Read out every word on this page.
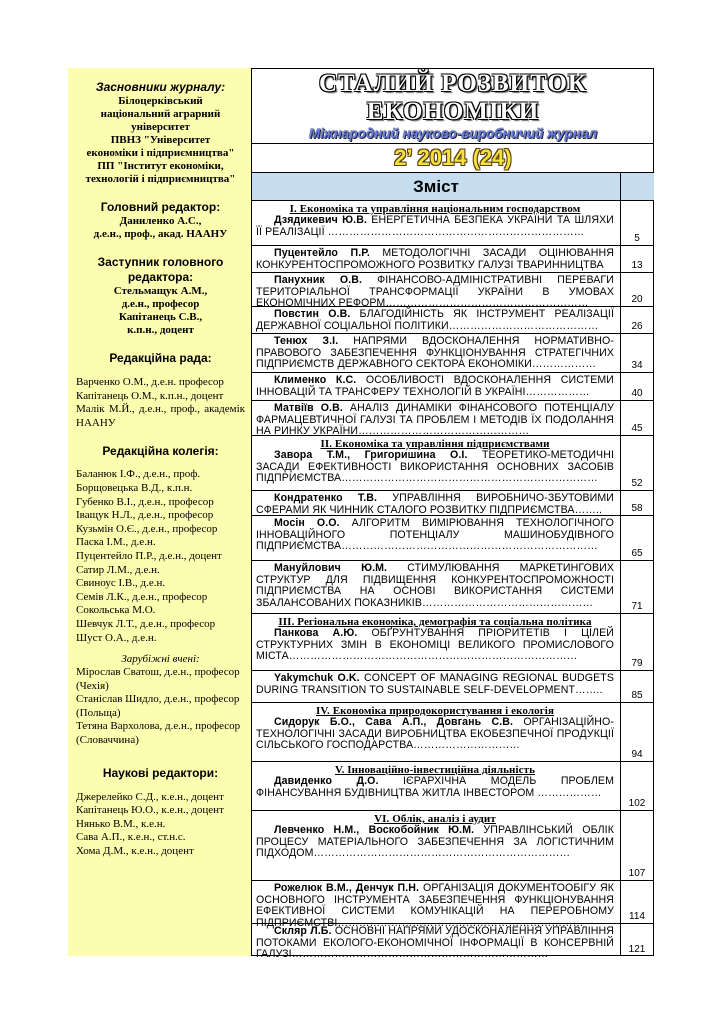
Засновники журналу:
Білоцерківський
національний аграрний
університет
ПВНЗ "Університет
економіки і підприємництва"
ПП "Інститут економіки,
технологій і підприємництва"
Головний редактор:
Даниленко А.С.,
д.е.н., проф., акад. НААНУ
Заступник головного редактора:
Стельмащук А.М.,
д.е.н., професор
Капітанець С.В.,
к.п.н., доцент
Редакційна рада:
Варченко О.М., д.е.н. професор
Капітанець О.М., к.п.н., доцент
Малік М.Й., д.е.н., проф., академік НААНУ
Редакційна колегія:
Баланюк І.Ф., д.е.н., проф.
Борщовецька В.Д., к.п.н.
Губенко В.І., д.е.н., професор
Іващук Н.Л., д.е.н., професор
Кузьмін О.Є., д.е.н., професор
Паска І.М., д.е.н.
Пуцентейло П.Р., д.е.н., доцент
Сатир Л.М., д.е.н.
Свиноус І.В., д.е.н.
Семів Л.К., д.е.н., професор
Сокольська М.О.
Шевчук Л.Т., д.е.н., професор
Шуст О.А., д.е.н.
Зарубіжні вчені:
Мірослав Сватош, д.е.н., професор (Чехія)
Станіслав Шидло, д.е.н., професор (Польща)
Тетяна Вархолова, д.е.н., професор (Словаччина)
Наукові редактори:
Джерелейко С.Д., к.е.н., доцент
Капітанець Ю.О., к.е.н., доцент
Нянько В.М., к.е.н.
Сава А.П., к.е.н., ст.н.с.
Хома Д.М., к.е.н., доцент
СТАЛИЙ РОЗВИТОК
ЕКОНОМІКИ
Міжнародний науково-виробничий журнал
2’ 2014 (24)
Зміст
І. Економіка та управління національним господарством
Дзядикевич Ю.В. ЕНЕРГЕТИЧНА БЕЗПЕКА УКРАЇНИ ТА ШЛЯХИ ЇЇ РЕАЛІЗАЦІЇ ………………………………………………………………
5
Пуцентейло П.Р. МЕТОДОЛОГІЧНІ ЗАСАДИ ОЦІНЮВАННЯ КОНКУРЕНТОСПРОМОЖНОГО РОЗВИТКУ ГАЛУЗІ ТВАРИННИЦТВА	13
Панухник О.В. ФІНАНСОВО-АДМІНІСТРАТИВНІ ПЕРЕВАГИ ТЕРИТОРІАЛЬНОЇ ТРАНСФОРМАЦІЇ УКРАЇНИ В УМОВАХ ЕКОНОМІЧНИХ РЕФОРМ…………………………………………………	20
Повстин О.В. БЛАГОДІЙНІСТЬ ЯК ІНСТРУМЕНТ РЕАЛІЗАЦІЇ ДЕРЖАВНОЇ СОЦІАЛЬНОЇ ПОЛІТИКИ……………………………………	26
Тенюх З.І. НАПРЯМИ ВДОСКОНАЛЕННЯ НОРМАТИВНО-ПРАВОВОГО ЗАБЕЗПЕЧЕННЯ ФУНКЦІОНУВАННЯ СТРАТЕГІЧНИХ ПІДПРИЄМСТВ ДЕРЖАВНОГО СЕКТОРА ЕКОНОМІКИ………………	34
Клименко К.С. ОСОБЛИВОСТІ ВДОСКОНАЛЕННЯ СИСТЕМИ ІННОВАЦІЙ ТА ТРАНСФЕРУ ТЕХНОЛОГІЙ В УКРАЇНІ………………	40
Матвіїв О.В. АНАЛІЗ ДИНАМІКИ ФІНАНСОВОГО ПОТЕНЦІАЛУ ФАРМАЦЕВТИЧНОЇ ГАЛУЗІ ТА ПРОБЛЕМ І МЕТОДІВ ЇХ ПОДОЛАННЯ НА РИНКУ УКРАЇНИ…………………………………………	45
ІІ. Економіка та управління підприємствами
Завора Т.М., Григоришина О.І. ТЕОРЕТИКО-МЕТОДИЧНІ ЗАСАДИ ЕФЕКТИВНОСТІ ВИКОРИСТАННЯ ОСНОВНИХ ЗАСОБІВ ПІДПРИЄМСТВА………………………………………………………………	52
Кондратенко Т.В. УПРАВЛІННЯ ВИРОБНИЧО-ЗБУТОВИМИ СФЕРАМИ ЯК ЧИННИК СТАЛОГО РОЗВИТКУ ПІДПРИЄМСТВА……..	58
Мосін О.О. АЛГОРИТМ ВИМІРЮВАННЯ ТЕХНОЛОГІЧНОГО ІННОВАЦІЙНОГО ПОТЕНЦІАЛУ МАШИНОБУДІВНОГО ПІДПРИЄМСТВА………………………………………………………………
65
Мануйлович Ю.М. СТИМУЛЮВАННЯ МАРКЕТИНГОВИХ СТРУКТУР ДЛЯ ПІДВИЩЕННЯ КОНКУРЕНТОСПРОМОЖНОСТІ ПІДПРИЄМСТВА НА ОСНОВІ ВИКОРИСТАННЯ СИСТЕМИ ЗБАЛАНСОВАНИХ ПОКАЗНИКІВ…………………………………………	71
ІІІ. Регіональна економіка, демографія та соціальна політика
Панкова А.Ю. ОБҐРУНТУВАННЯ ПРІОРИТЕТІВ І ЦІЛЕЙ СТРУКТУРНИХ ЗМІН В ЕКОНОМІЦІ ВЕЛИКОГО ПРОМИСЛОВОГО МІСТА………………………………………………………………………
79
Yakymchuk O.K. CONCEPT OF MANAGING REGIONAL BUDGETS DURING TRANSITION TO SUSTAINABLE SELF-DEVELOPMENT……..	85
IV. Економіка природокористування і екологія
Сидорук Б.О., Сава А.П., Довгань С.В. ОРГАНІЗАЦІЙНО-ТЕХНОЛОГІЧНІ ЗАСАДИ ВИРОБНИЦТВА ЕКОБЕЗПЕЧНОЇ ПРОДУКЦІЇ СІЛЬСЬКОГО ГОСПОДАРСТВА…………………………
94
V. Інноваційно-інвестиційна діяльність
Давиденко Д.О. ІЄРАРХІЧНА МОДЕЛЬ ПРОБЛЕМ ФІНАНСУВАННЯ БУДІВНИЦТВА ЖИТЛА ІНВЕСТОРОМ ………………
102
VI. Облік, аналіз і аудит
Левченко Н.М., Воскобойник Ю.М. УПРАВЛІНСЬКИЙ ОБЛІК ПРОЦЕСУ МАТЕРІАЛЬНОГО ЗАБЕЗПЕЧЕННЯ ЗА ЛОГІСТИЧНИМ ПІДХОДОМ………………………………………………………………
107
Рожелюк В.М., Денчук П.Н. ОРГАНІЗАЦІЯ ДОКУМЕНТООБІГУ ЯК ОСНОВНОГО ІНСТРУМЕНТА ЗАБЕЗПЕЧЕННЯ ФУНКЦІОНУВАННЯ ЕФЕКТИВНОЇ СИСТЕМИ КОМУНІКАЦІЙ НА ПЕРЕРОБНОМУ ПІДПРИЄМСТВІ……………………………………………………………	114
Скляр Л.Б. ОСНОВНІ НАПРЯМИ УДОСКОНАЛЕННЯ УПРАВЛІННЯ ПОТОКАМИ ЕКОЛОГО-ЕКОНОМІЧНОЇ ІНФОРМАЦІЇ В КОНСЕРВНІЙ ГАЛУЗІ………………………………………………………………	121
